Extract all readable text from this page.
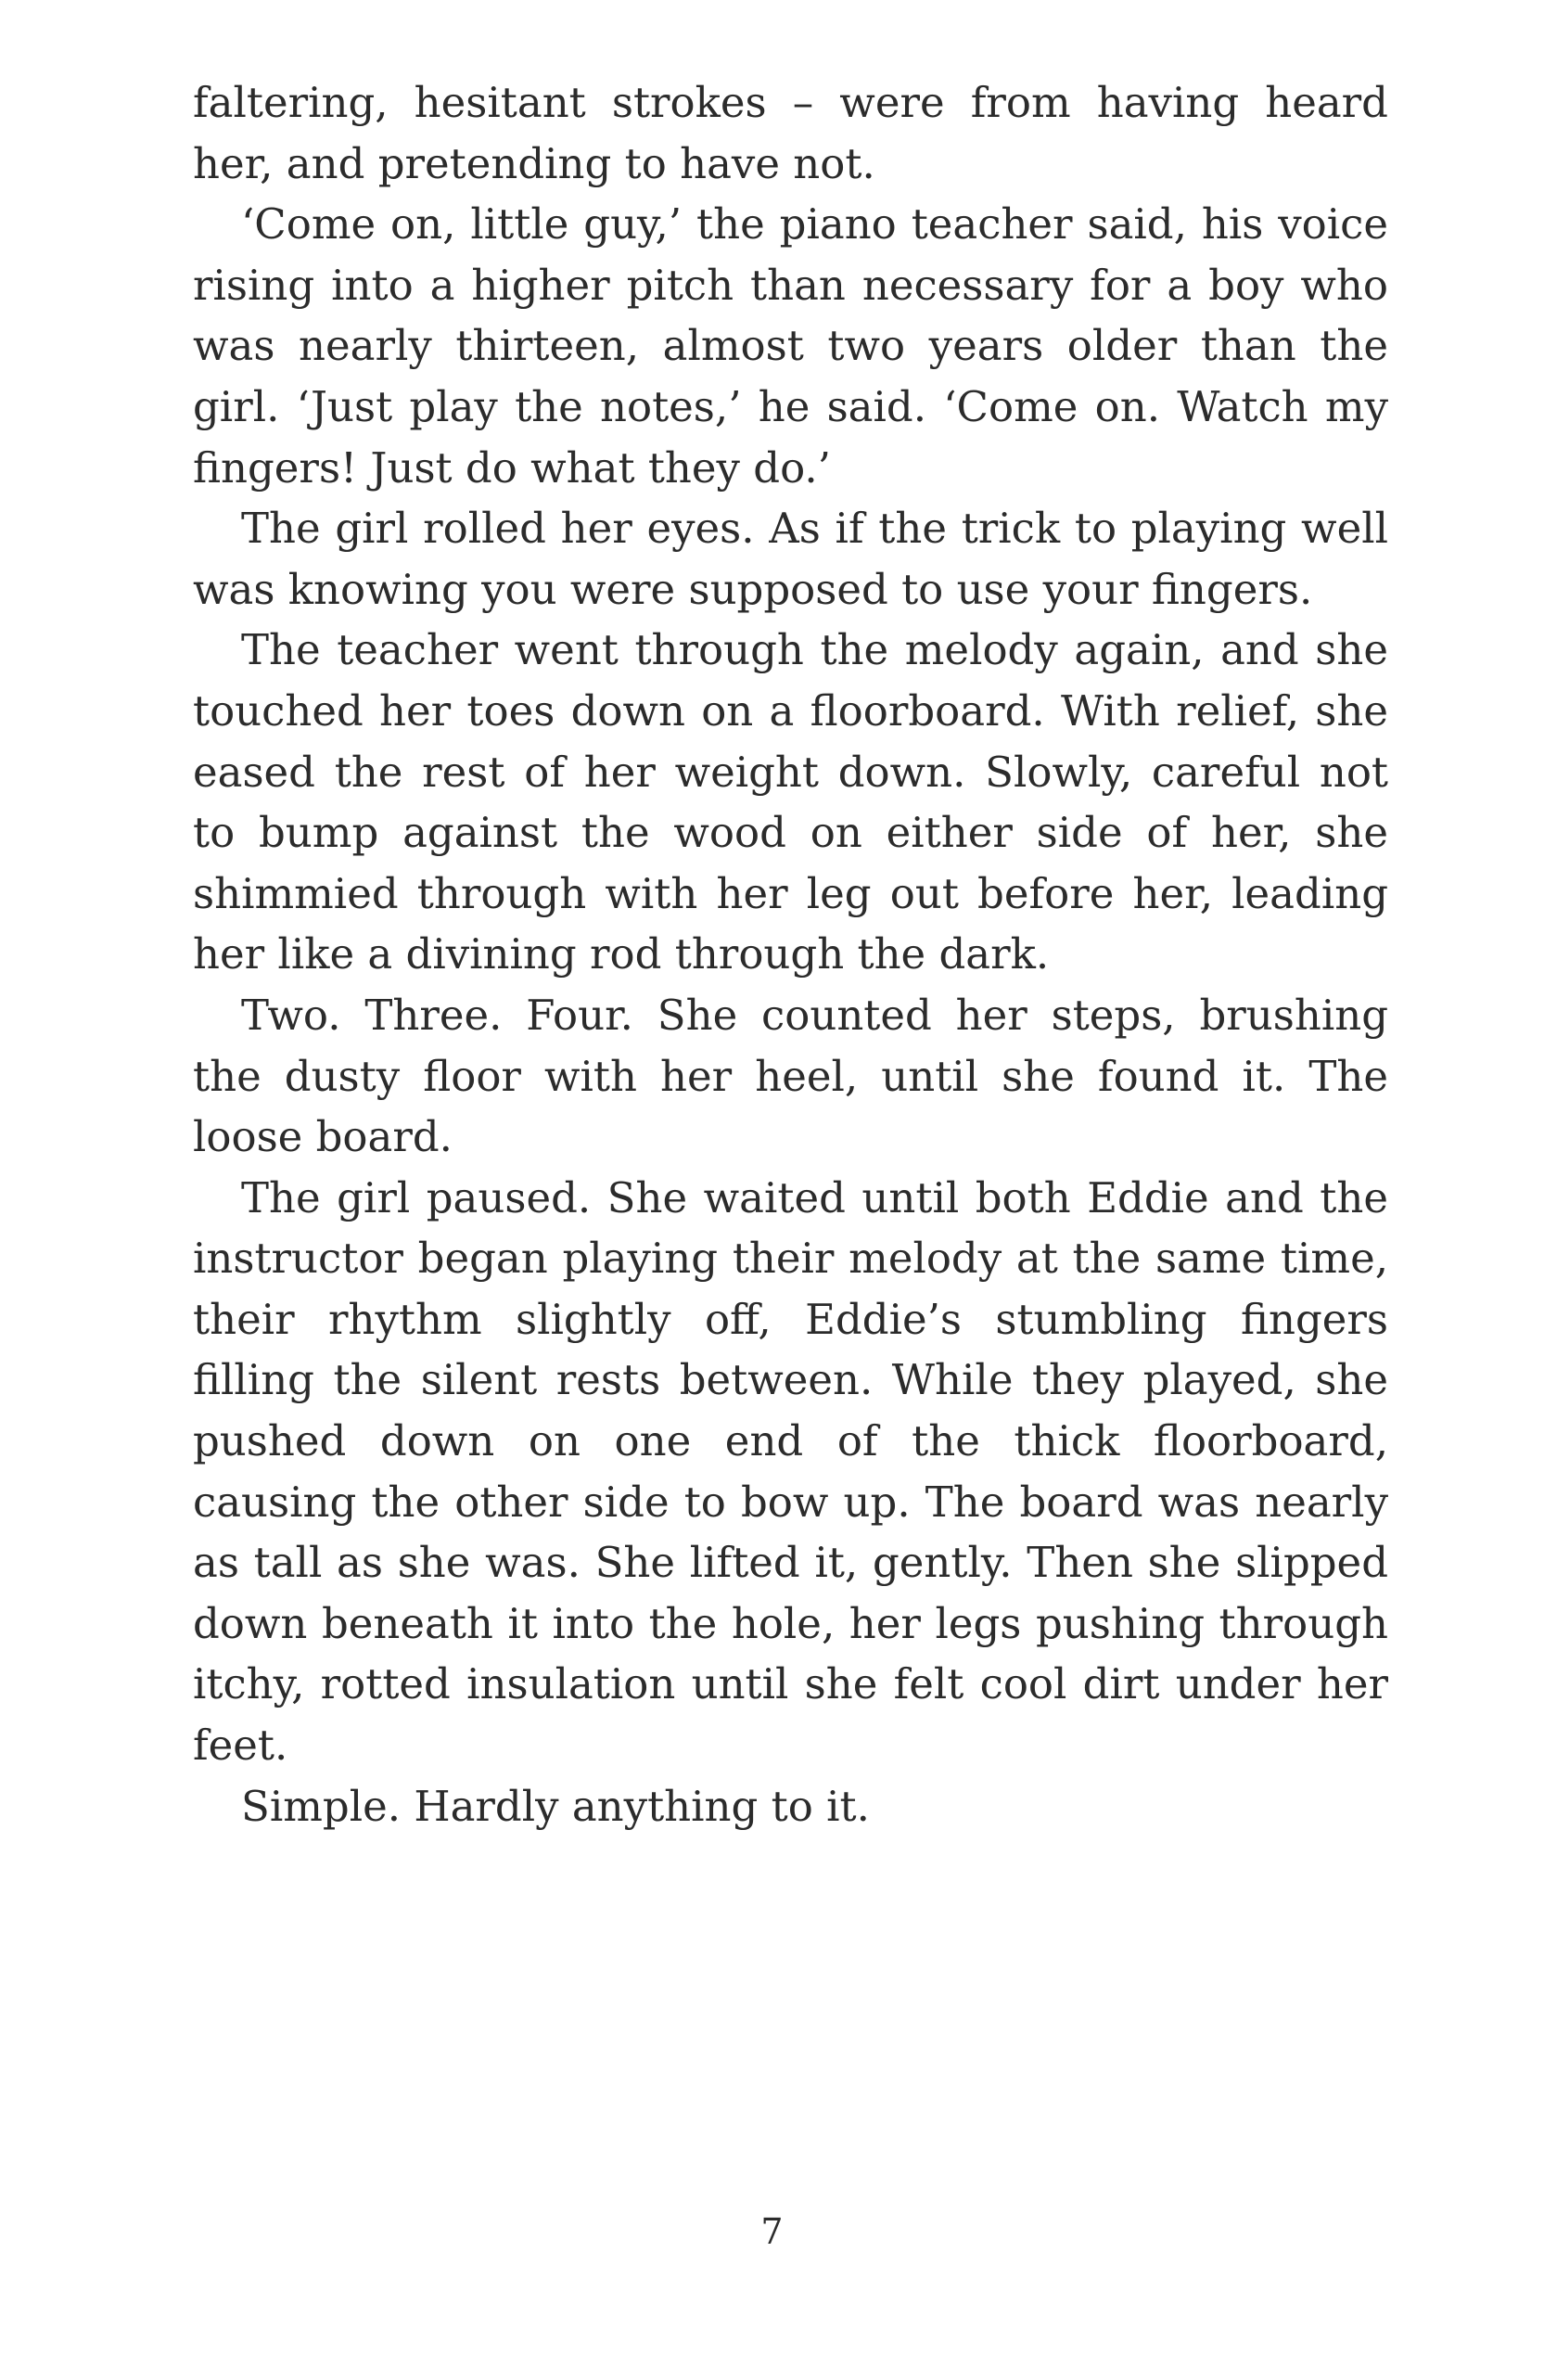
faltering, hesitant strokes – were from having heard her, and pretending to have not.

‘Come on, little guy,’ the piano teacher said, his voice rising into a higher pitch than necessary for a boy who was nearly thirteen, almost two years older than the girl. ‘Just play the notes,’ he said. ‘Come on. Watch my fingers! Just do what they do.’

The girl rolled her eyes. As if the trick to playing well was knowing you were supposed to use your fingers.

The teacher went through the melody again, and she touched her toes down on a floorboard. With relief, she eased the rest of her weight down. Slowly, careful not to bump against the wood on either side of her, she shimmied through with her leg out before her, leading her like a divining rod through the dark.

Two. Three. Four. She counted her steps, brushing the dusty floor with her heel, until she found it. The loose board.

The girl paused. She waited until both Eddie and the instructor began playing their melody at the same time, their rhythm slightly off, Eddie’s stumbling fingers filling the silent rests between. While they played, she pushed down on one end of the thick floorboard, causing the other side to bow up. The board was nearly as tall as she was. She lifted it, gently. Then she slipped down beneath it into the hole, her legs pushing through itchy, rotted insulation until she felt cool dirt under her feet.

Simple. Hardly anything to it.

7
